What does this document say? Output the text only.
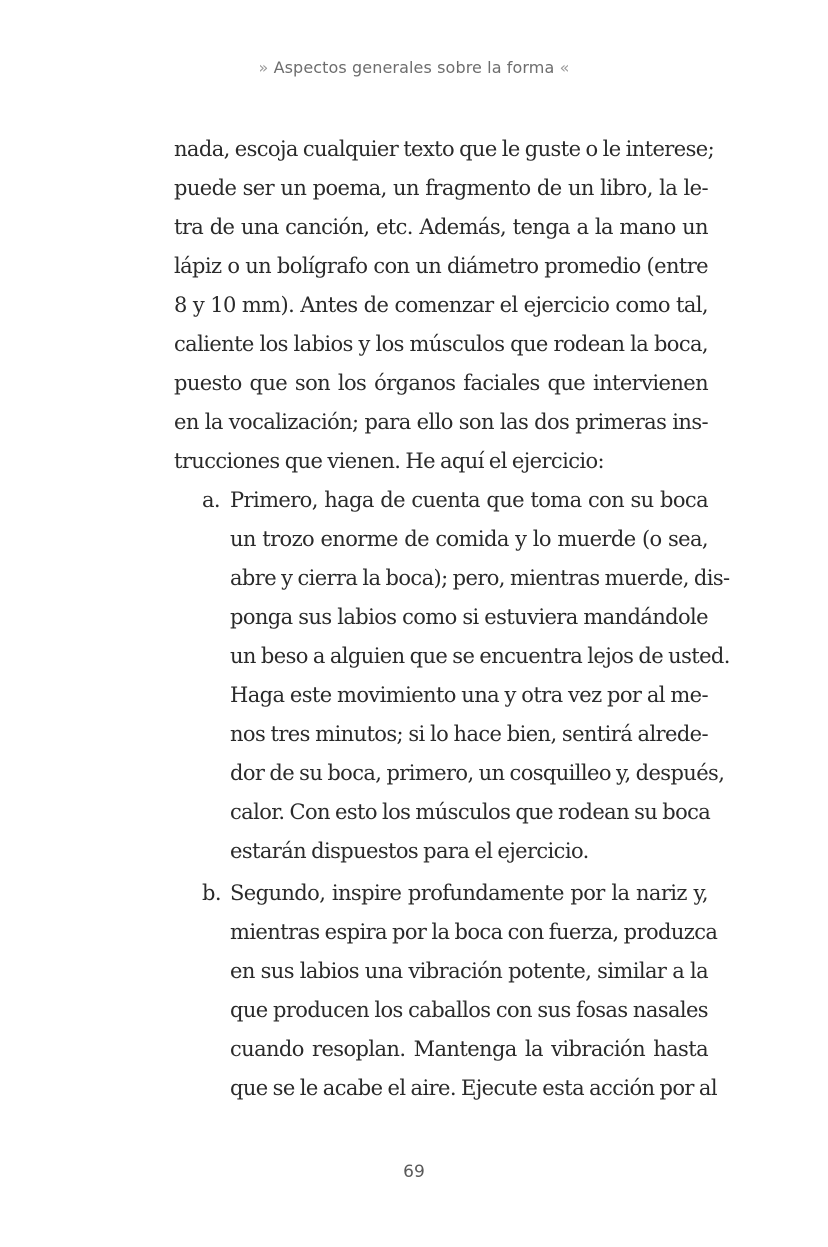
» Aspectos generales sobre la forma «
nada, escoja cualquier texto que le guste o le interese;
puede ser un poema, un fragmento de un libro, la le-
tra de una canción, etc. Además, tenga a la mano un
lápiz o un bolígrafo con un diámetro promedio (entre
8 y 10 mm). Antes de comenzar el ejercicio como tal,
caliente los labios y los músculos que rodean la boca,
puesto que son los órganos faciales que intervienen
en la vocalización; para ello son las dos primeras ins-
trucciones que vienen. He aquí el ejercicio:
a. Primero, haga de cuenta que toma con su boca
un trozo enorme de comida y lo muerde (o sea,
abre y cierra la boca); pero, mientras muerde, dis-
ponga sus labios como si estuviera mandándole
un beso a alguien que se encuentra lejos de usted.
Haga este movimiento una y otra vez por al me-
nos tres minutos; si lo hace bien, sentirá alrede-
dor de su boca, primero, un cosquilleo y, después,
calor. Con esto los músculos que rodean su boca
estarán dispuestos para el ejercicio.
b. Segundo, inspire profundamente por la nariz y,
mientras espira por la boca con fuerza, produzca
en sus labios una vibración potente, similar a la
que producen los caballos con sus fosas nasales
cuando resoplan. Mantenga la vibración hasta
que se le acabe el aire. Ejecute esta acción por al
69
